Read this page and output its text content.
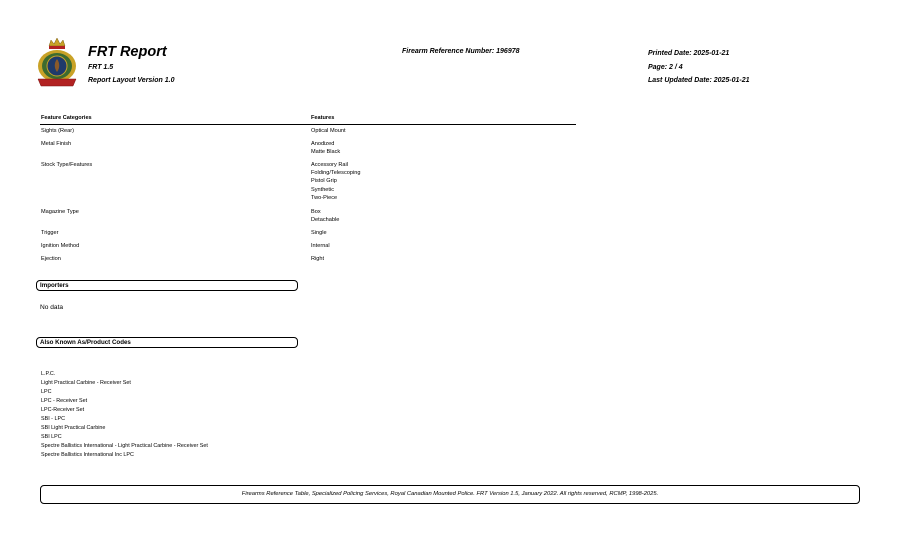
FRT Report
FRT 1.5
Report Layout Version 1.0
Firearm Reference Number: 196978	Printed Date: 2025-01-21
Page: 2 / 4
Last Updated Date: 2025-01-21
Feature Categories	Features
Sights (Rear)	Optical Mount
Metal Finish	Anodized
Matte Black
Stock Type/Features	Accessory Rail
Folding/Telescoping
Pistol Grip
Synthetic
Two-Piece
Magazine Type	Box
Detachable
Trigger	Single
Ignition Method	Internal
Ejection	Right
Importers
No data
Also Known As/Product Codes
L.P.C.
Light Practical Carbine - Receiver Set
LPC
LPC - Receiver Set
LPC-Receiver Set
SBI - LPC
SBI Light Practical Carbine
SBI LPC
Spectre Ballistics International - Light Practical Carbine - Receiver Set
Spectre Ballistics International Inc LPC
Firearms Reference Table, Specialized Policing Services, Royal Canadian Mounted Police. FRT Version 1.5, January 2022. All rights reserved, RCMP, 1998-2025.
